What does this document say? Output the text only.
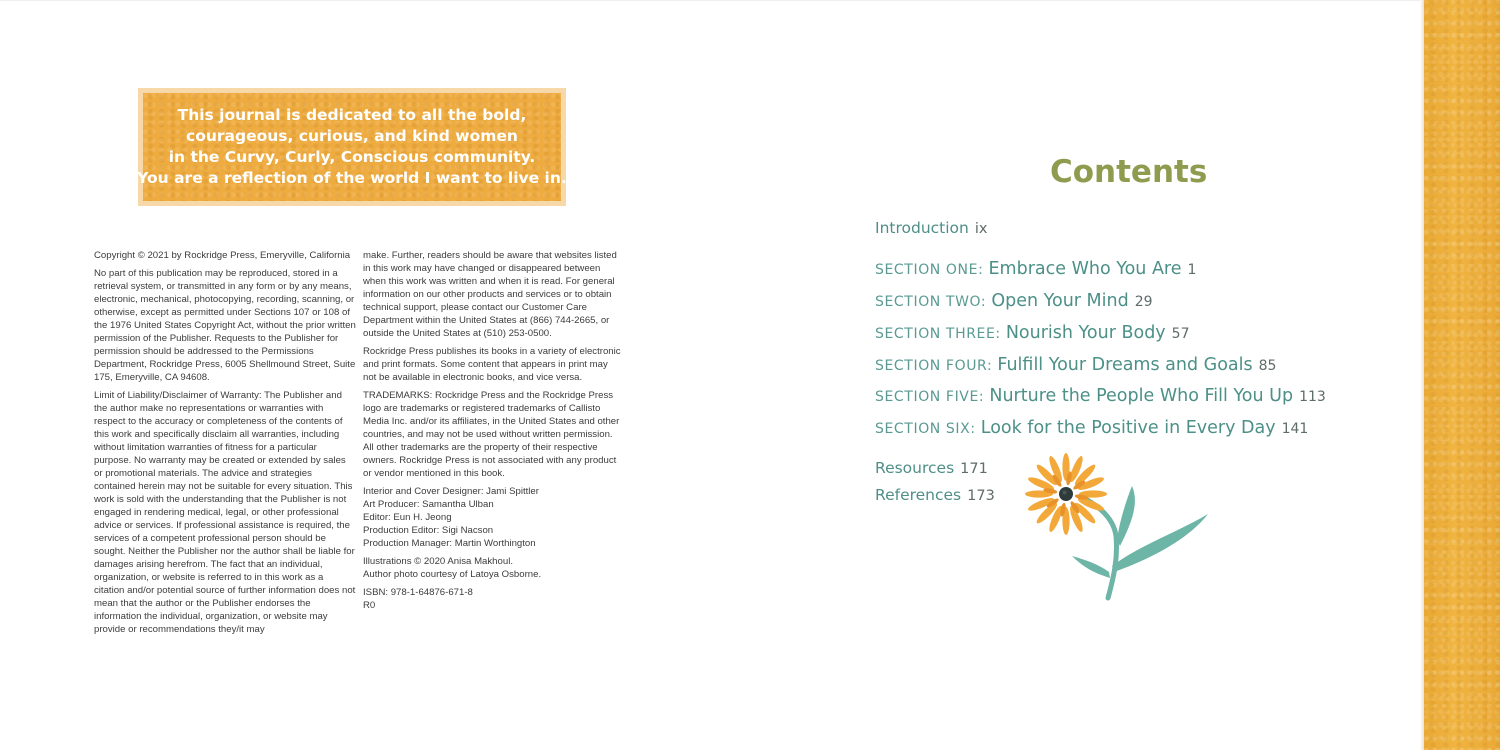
This journal is dedicated to all the bold,
courageous, curious, and kind women
in the Curvy, Curly, Conscious community.
You are a reflection of the world I want to live in.

Copyright © 2021 by Rockridge Press, Emeryville, California

No part of this publication may be reproduced, stored in a retrieval system, or transmitted in any form or by any means, electronic, mechanical, photocopying, recording, scanning, or otherwise, except as permitted under Sections 107 or 108 of the 1976 United States Copyright Act, without the prior written permission of the Publisher. Requests to the Publisher for permission should be addressed to the Permissions Department, Rockridge Press, 6005 Shellmound Street, Suite 175, Emeryville, CA 94608.

Limit of Liability/Disclaimer of Warranty: The Publisher and the author make no representations or warranties with respect to the accuracy or completeness of the contents of this work and specifically disclaim all warranties, including without limitation warranties of fitness for a particular purpose. No warranty may be created or extended by sales or promotional materials. The advice and strategies contained herein may not be suitable for every situation. This work is sold with the understanding that the Publisher is not engaged in rendering medical, legal, or other professional advice or services. If professional assistance is required, the services of a competent professional person should be sought. Neither the Publisher nor the author shall be liable for damages arising herefrom. The fact that an individual, organization, or website is referred to in this work as a citation and/or potential source of further information does not mean that the author or the Publisher endorses the information the individual, organization, or website may provide or recommendations they/it may

make. Further, readers should be aware that websites listed in this work may have changed or disappeared between when this work was written and when it is read. For general information on our other products and services or to obtain technical support, please contact our Customer Care Department within the United States at (866) 744-2665, or outside the United States at (510) 253-0500.

Rockridge Press publishes its books in a variety of electronic and print formats. Some content that appears in print may not be available in electronic books, and vice versa.

TRADEMARKS: Rockridge Press and the Rockridge Press logo are trademarks or registered trademarks of Callisto Media Inc. and/or its affiliates, in the United States and other countries, and may not be used without written permission. All other trademarks are the property of their respective owners. Rockridge Press is not associated with any product or vendor mentioned in this book.

Interior and Cover Designer: Jami Spittler
Art Producer: Samantha Ulban
Editor: Eun H. Jeong
Production Editor: Sigi Nacson
Production Manager: Martin Worthington

Illustrations © 2020 Anisa Makhoul.
Author photo courtesy of Latoya Osborne.

ISBN: 978-1-64876-671-8
R0

Contents
Introduction ix
SECTION ONE: Embrace Who You Are 1
SECTION TWO: Open Your Mind 29
SECTION THREE: Nourish Your Body 57
SECTION FOUR: Fulfill Your Dreams and Goals 85
SECTION FIVE: Nurture the People Who Fill You Up 113
SECTION SIX: Look for the Positive in Every Day 141
Resources 171
References 173
